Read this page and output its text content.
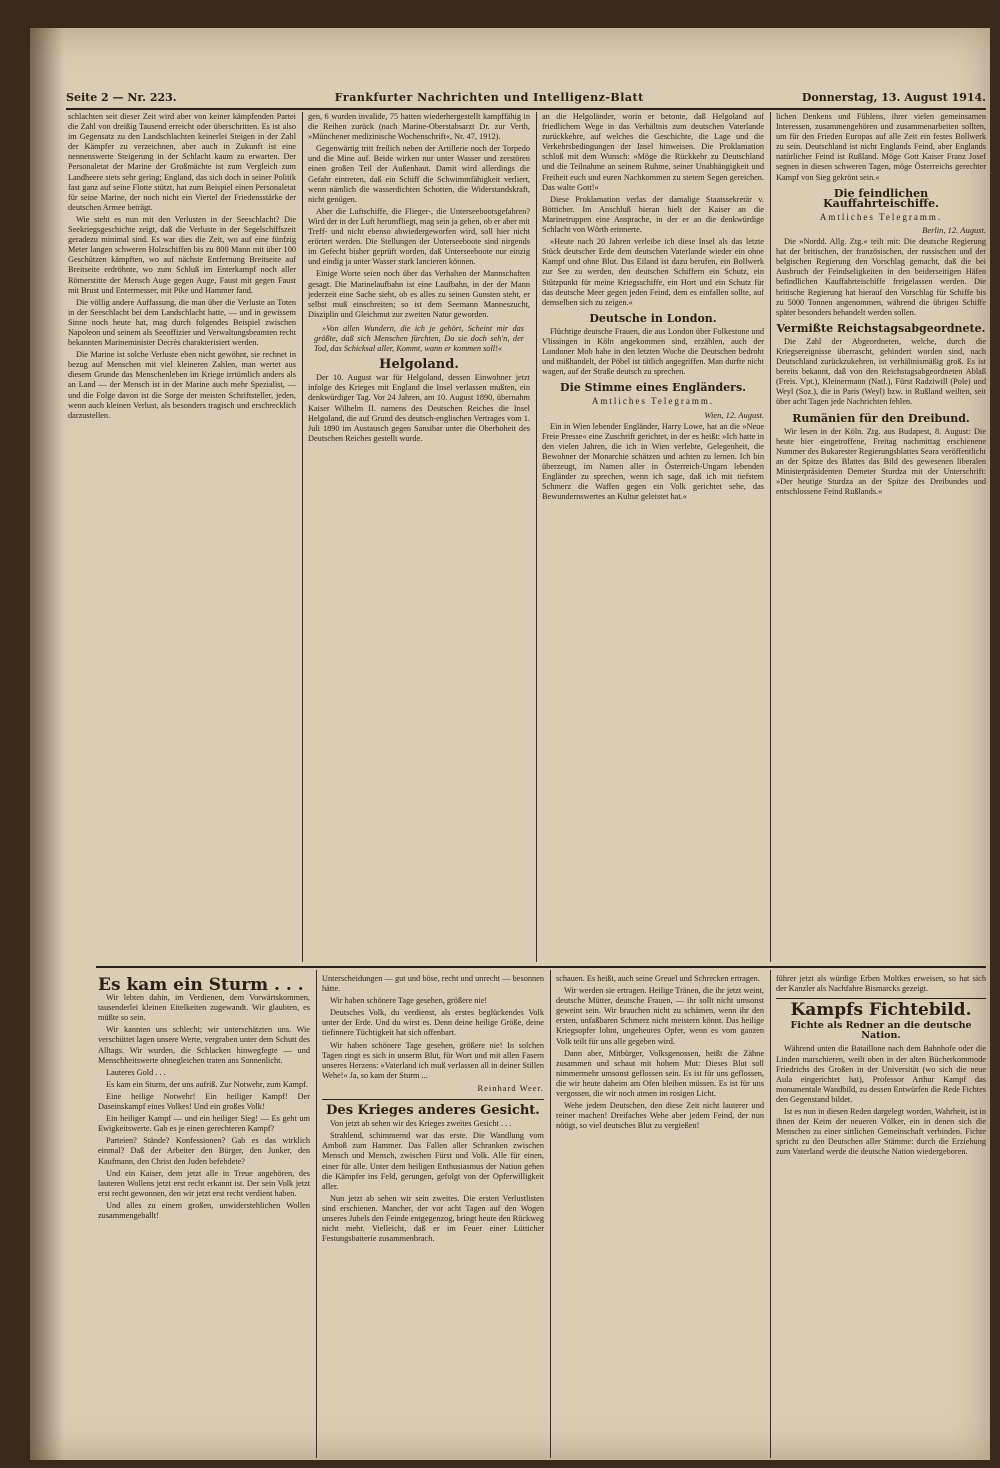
Seite 2 — Nr. 223.	Frankfurter Nachrichten und Intelligenz-Blatt	Donnerstag, 13. August 1914.

schlachten seit dieser Zeit wird aber von keiner kämpfenden Partei die Zahl von dreißig Tausend erreicht oder überschritten. Es ist also im Gegensatz zu den Landschlachten keinerlei Steigen in der Zahl der Kämpfer zu verzeichnen, aber auch in Zukunft ist eine nennenswerte Steigerung in der Schlacht kaum zu erwarten. Der Personaletat der Marine der Großmächte ist zum Vergleich zum Landheere stets sehr gering; England, das sich doch in seiner Politik fast ganz auf seine Flotte stützt, hat zum Beispiel einen Personaletat für seine Marine, der noch nicht ein Viertel der Friedensstärke der deutschen Armee beträgt.

Wie steht es nun mit den Verlusten in der Seeschlacht? Die Seekriegsgeschichte zeigt, daß die Verluste in der Segelschiffszeit geradezu minimal sind. Es war dies die Zeit, wo auf eine fünfzig Meter langen schweren Holzschiffen bis zu 800 Mann mit über 100 Geschützen kämpften, wo auf nächste Entfernung Breitseite auf Breitseite erdröhnte, wo zum Schluß im Enterkampf noch aller Römerstitte der Mensch Auge gegen Auge, Faust mit gegen Faust mit Brust und Entermesser, mit Pike und Hammer fand.

Die völlig andere Auffassung, die man über die Verluste an Toten in der Seeschlacht bei dem Landschlacht hatte, — und in gewissem Sinne noch heute hat, mag durch folgendes Beispiel zwischen Napoleon und seinem als Seeoffizier und Verwaltungsbeamten recht bekannten Marineminister Decrès charakterisiert werden.

Die Marine ist solche Verluste eben nicht gewöhnt, sie rechnet in bezug auf Menschen mit viel kleineren Zahlen, man wertet aus diesem Grunde das Menschenleben im Kriege irrtümlich anders als an Land — der Mensch ist in der Marine auch mehr Spezialist, — und die Folge davon ist die Sorge der meisten Schriftsteller, jeden, wenn auch kleinen Verlust, als besonders tragisch und erschrecklich darzustellen.

gen, 6 wurden invalide, 75 hatten wiederhergestellt kampffähig in die Reihen zurück (nach Marine-Oberstabsarzt Dr. zur Verth, »Münchener medizinische Wochenschrift«, Nr. 47, 1912).

Gegenwärtig tritt freilich neben der Artillerie noch der Torpedo und die Mine auf. Beide wirken nur unter Wasser und zerstören einen großen Teil der Außenhaut. Damit wird allerdings die Gefahr eintreten, daß ein Schiff die Schwimmfähigkeit verliert, wenn nämlich die wasserdichten Schotten, die Widerstandskraft, nicht genügen.

Aber die Luftschiffe, die Flieger-, die Unterseebootsgefahren? Wird der in der Luft herumfliegt, mag sein ja gehen, ob er aber mit Treff- und nicht ebenso abwiedergeworfen wird, soll hier nicht erörtert werden. Die Stellungen der Unterseeboote sind nirgends im Gefecht bisher geprüft worden, daß Unterseeboote nur einzig und eindig ja unter Wasser stark lancieren können.

Einige Worte seien noch über das Verhalten der Mannschaften gesagt. Die Marinelaufbahn ist eine Laufbahn, in der der Mann jederzeit eine Sache sieht, ob es alles zu seinen Gunsten steht, er selbst muß einschreiten; so ist dem Seemann Manneszucht, Disziplin und Gleichmut zur zweiten Natur geworden.

»Von allen Wundern, die ich je gehört, Scheint mir das größte, daß sich Menschen fürchten, Da sie doch seh'n, der Tod, das Schicksal aller, Kommt, wann er kommen soll!«

Helgoland.

Der 10. August war für Helgoland, dessen Einwohner jetzt infolge des Krieges mit England die Insel verlassen mußten, ein denkwürdiger Tag. Vor 24 Jahren, am 10. August 1890, übernahm Kaiser Wilhelm II. namens des Deutschen Reiches die Insel Helgoland, die auf Grund des deutsch-englischen Vertrages vom 1. Juli 1890 im Austausch gegen Sansibar unter die Oberhoheit des Deutschen Reiches gestellt wurde.

an die Helgoländer, worin er betonte, daß Helgoland auf friedlichem Wege in das Verhältnis zum deutschen Vaterlande zurückkehre, auf welches die Geschichte, die Lage und die Verkehrsbedingungen der Insel hinweisen. Die Proklamation schloß mit dem Wunsch: »Möge die Rückkehr zu Deutschland und die Teilnahme an seinem Ruhme, seiner Unabhängigkeit und Freiheit euch und euren Nachkommen zu stetem Segen gereichen. Das walte Gott!«

Diese Proklamation verlas der damalige Staatssekretär v. Bötticher. Im Anschluß hieran hielt der Kaiser an die Marinetruppen eine Ansprache, in der er an die denkwürdige Schlacht von Wörth erinnerte.

»Heute nach 20 Jahren verleibe ich diese Insel als das letzte Stück deutscher Erde dem deutschen Vaterlande wieder ein ohne Kampf und ohne Blut. Das Eiland ist dazu berufen, ein Bollwerk zur See zu werden, den deutschen Schiffern ein Schutz, ein Stützpunkt für meine Kriegsschiffe, ein Hort und ein Schutz für das deutsche Meer gegen jeden Feind, dem es einfallen sollte, auf demselben sich zu zeigen.«

Deutsche in London.

Flüchtige deutsche Frauen, die aus London über Folkestone und Vlissingen in Köln angekommen sind, erzählen, auch der Londoner Mob habe in den letzten Woche die Deutschen bedroht und mißhandelt, der Pöbel ist tätlich angegriffen. Man durfte nicht wagen, auf der Straße deutsch zu sprechen.

Die Stimme eines Engländers.
Amtliches Telegramm.
Wien, 12. August.

Ein in Wien lebender Engländer, Harry Lowe, hat an die »Neue Freie Presse« eine Zuschrift gerichtet, in der es heißt: »Ich hatte in den vielen Jahren, die ich in Wien verlebte, Gelegenheit, die Bewohner der Monarchie schätzen und achten zu lernen. Ich bin überzeugt, im Namen aller in Österreich-Ungarn lebenden Engländer zu sprechen, wenn ich sage, daß ich mit tiefstem Schmerz die Waffen gegen ein Volk gerichtet sehe, das Bewundernswertes an Kultur geleistet hat.«

lichen Denkens und Fühlens, ihrer vielen gemeinsamen Interessen, zusammengehören und zusammenarbeiten sollten, um für den Frieden Europas auf alle Zeit ein festes Bollwerk zu sein. Deutschland ist nicht Englands Feind, aber Englands natürlicher Feind ist Rußland. Möge Gott Kaiser Franz Josef segnen in diesen schweren Tagen, möge Österreichs gerechter Kampf von Sieg gekrönt sein.«

Die feindlichen Kauffahrteischiffe.
Amtliches Telegramm.
Berlin, 12. August.

Die »Nordd. Allg. Ztg.« teilt mit: Die deutsche Regierung hat der britischen, der französischen, der russischen und der belgischen Regierung den Vorschlag gemacht, daß die bei Ausbruch der Feindseligkeiten in den beiderseitigen Häfen befindlichen Kauffahrteischiffe freigelassen werden. Die britische Regierung hat hierauf den Vorschlag für Schiffe bis zu 5000 Tonnen angenommen, während die übrigen Schiffe später besonders behandelt werden sollen.

Vermißte Reichstagsabgeordnete.

Die Zahl der Abgeordneten, welche, durch die Kriegsereignisse überrascht, gehindert worden sind, nach Deutschland zurückzukehren, ist verhältnismäßig groß. Es ist bereits bekannt, daß von den Reichstagsabgeordneten Ablaß (Freis. Vpt.), Kleinermann (Natl.), Fürst Radziwill (Pole) und Weyl (Soz.), die in Paris (Weyl) bzw. in Rußland weilten, seit über acht Tagen jede Nachrichten fehlen.

Rumänien für den Dreibund.

Wir lesen in der Köln. Ztg. aus Budapest, 8. August: Die heute hier eingetroffene, Freitag nachmittag erschienene Nummer des Bukarester Regierungsblattes Seara veröffentlicht an der Spitze des Blattes das Bild des gewesenen liberalen Ministerpräsidenten Demeter Sturdza mit der Unterschrift: »Der heutige Sturdza an der Spitze des Dreibundes und entschlossene Feind Rußlands.«

Es kam ein Sturm . . .

Wir lebten dahin, im Verdienen, dem Vorwärtskommen, tausenderlei kleinen Eitelkeiten zugewandt. Wir glaubten, es müßte so sein.

Wir kannten uns schlecht; wir unterschätzten uns. Wie verschüttet lagen unsere Werte, vergraben unter dem Schutt des Alltags. Wir wurden, die Schlacken hinwegfegte — und Menschheitswerte ohnegleichen traten ans Sonnenlicht.

Lauteres Gold . . .

Es kam ein Sturm, der uns aufriß. Zur Notwehr, zum Kampf.

Eine heilige Notwehr! Ein heiliger Kampf! Der Daseinskampf eines Volkes! Und ein großes Volk!

Ein heiliger Kampf — und ein heiliger Sieg! — Es geht um Ewigkeitswerte. Gab es je einen gerechteren Kampf?

Parteien? Stände? Konfessionen? Gab es das wirklich einmal? Daß der Arbeiter den Bürger, den Junker, den Kaufmann, den Christ den Juden befehdete?

Und ein Kaiser, dem jetzt alle in Treue angehören, des lauteren Wollens jetzt erst recht erkannt ist. Der sein Volk jetzt erst recht gewonnen, den wir jetzt erst recht verdient haben.

Und alles zu einem großen, unwiderstehlichen Wollen zusammengeballt!

Unterscheidungen — gut und böse, recht und unrecht — besonnen hätte.

Wir haben schönere Tage gesehen, größere nie!

Deutsches Volk, du verdienst, als erstes beglückendes Volk unter der Erde. Und du wirst es. Denn deine heilige Größe, deine tiefinnere Tüchtigkeit hat sich offenbart.

Wir haben schönere Tage gesehen, größere nie! In solchen Tagen ringt es sich in unserm Blut, für Wort und mit allen Fasern unseres Herzens: »Vaterland ich muß verlassen all in deiner Stillen Wehe!« Ja, so kam der Sturm ...

Reinhard Weer.
Des Krieges anderes Gesicht.

Von jetzt ab sehen wir des Krieges zweites Gesicht . . .

Strahlend, schimmernd war das erste. Die Wandlung vom Amboß zum Hammer. Das Fallen aller Schranken zwischen Mensch und Mensch, zwischen Fürst und Volk. Alle für einen, einer für alle. Unter dem heiligen Enthusiasmus der Nation gehen die Kämpfer ins Feld, gerungen, gefolgt von der Opferwilligkeit aller.

Nun jetzt ab sehen wir sein zweites. Die ersten Verlustlisten sind erschienen. Mancher, der vor acht Tagen auf den Wogen unseres Jubels den Feinde entgegenzog, bringt heute den Rückweg nicht mehr. Vielleicht, daß er im Feuer einer Lütticher Festungsbatterie zusammenbrach.

schauen. Es heißt, auch seine Greuel und Schrecken ertragen.

Wir werden sie ertragen. Heilige Tränen, die ihr jetzt weint, deutsche Mütter, deutsche Frauen, — ihr sollt nicht umsonst geweint sein. Wir brauchen nicht zu schämen, wenn ihr den ersten, unfaßbaren Schmerz nicht meistern könnt. Das heilige Kriegsopfer lohnt, ungeheures Opfer, wenn es vom ganzen Volk teilt für uns alle gegeben wird.

Dann aber, Mitbürger, Volksgenossen, heißt die Zähne zusammen und schaut mit hohem Mut: Dieses Blut soll nimmermehr umsonst geflossen sein. Es ist für uns geflossen, die wir heute daheim am Ofen bleiben müssen. Es ist für uns vergossen, die wir noch atmen im rosigen Licht.

Wehe jedem Deutschen, den diese Zeit nicht lauterer und reiner machen! Dreifaches Wehe aber jedem Feind, der nun nötigt, so viel deutsches Blut zu vergießen!

führer jetzt als würdige Erben Moltkes erweisen, so hat sich der Kanzler als Nachfahre Bismarcks gezeigt.

Kampfs Fichtebild.
Fichte als Redner an die deutsche Nation.

Während unten die Bataillone nach dem Bahnhofe oder die Linden marschieren, weilt oben in der alten Bücherkommode Friedrichs des Großen in der Universität (wo sich die neue Aula eingerichtet hat), Professor Arthur Kampf das monumentale Wandbild, zu dessen Entwürfen die Rede Fichtes den Gegenstand bildet.

Ist es nun in diesen Reden dargelegt worden, Wahrheit, ist in ihnen der Keim der neueren Völker, ein in denen sich die Menschen zu einer sittlichen Gemeinschaft verbinden. Fichte spricht zu den Deutschen aller Stämme: durch die Erziehung zum Vaterland werde die deutsche Nation wiedergeboren.
